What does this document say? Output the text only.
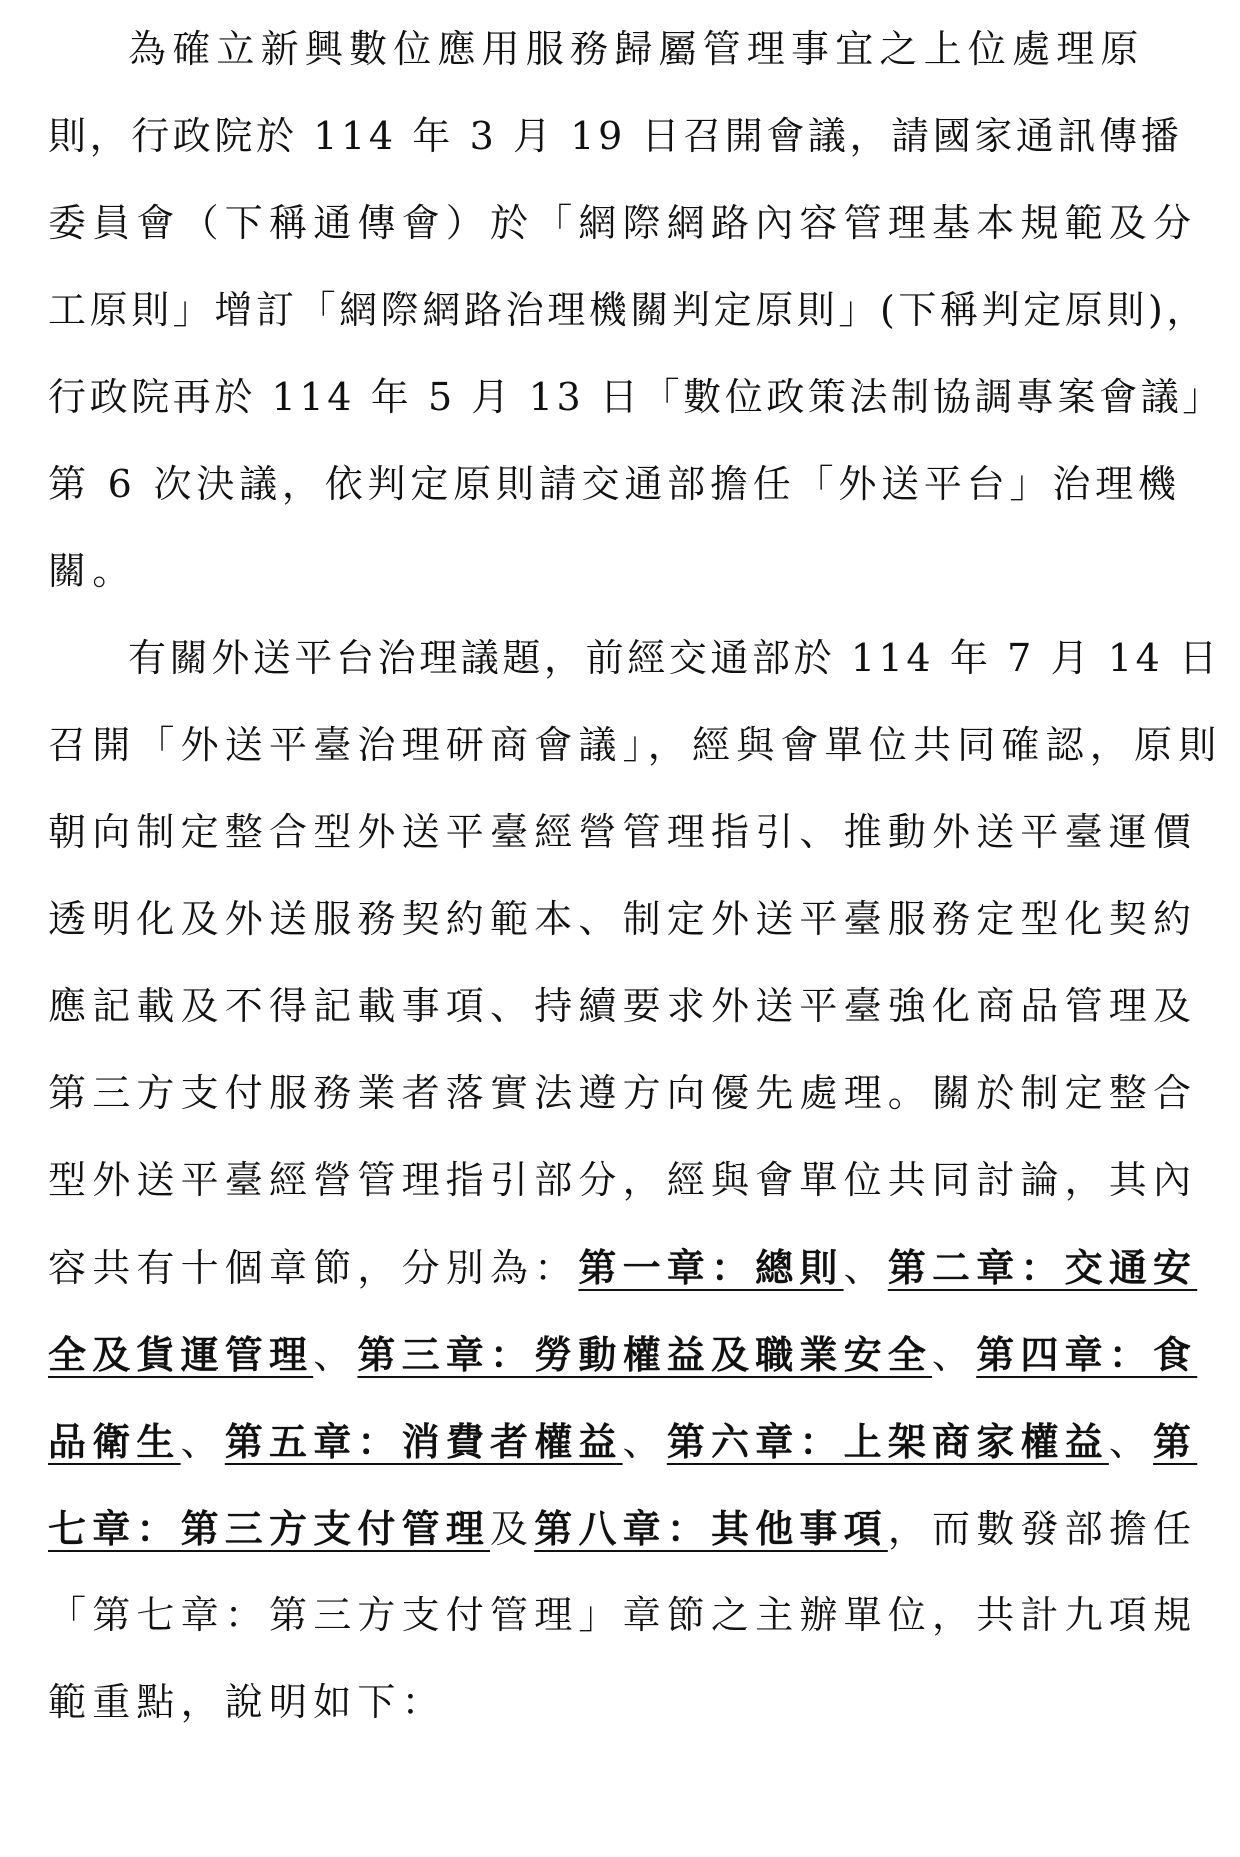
為確立新興數位應用服務歸屬管理事宜之上位處理原
則，行政院於 114 年 3 月 19 日召開會議，請國家通訊傳播
委員會（下稱通傳會）於「網際網路內容管理基本規範及分
工原則」增訂「網際網路治理機關判定原則」(下稱判定原則)，
行政院再於 114 年 5 月 13 日「數位政策法制協調專案會議」
第 6 次決議，依判定原則請交通部擔任「外送平台」治理機
關。
有關外送平台治理議題，前經交通部於 114 年 7 月 14 日
召開「外送平臺治理研商會議」，經與會單位共同確認，原則
朝向制定整合型外送平臺經營管理指引、推動外送平臺運價
透明化及外送服務契約範本、制定外送平臺服務定型化契約
應記載及不得記載事項、持續要求外送平臺強化商品管理及
第三方支付服務業者落實法遵方向優先處理。關於制定整合
型外送平臺經營管理指引部分，經與會單位共同討論，其內
容共有十個章節，分別為：第一章：總則、第二章：交通安
全及貨運管理、第三章：勞動權益及職業安全、第四章：食
品衛生、第五章：消費者權益、第六章：上架商家權益、第
七章：第三方支付管理及第八章：其他事項，而數發部擔任
「第七章：第三方支付管理」章節之主辦單位，共計九項規
範重點，說明如下：
